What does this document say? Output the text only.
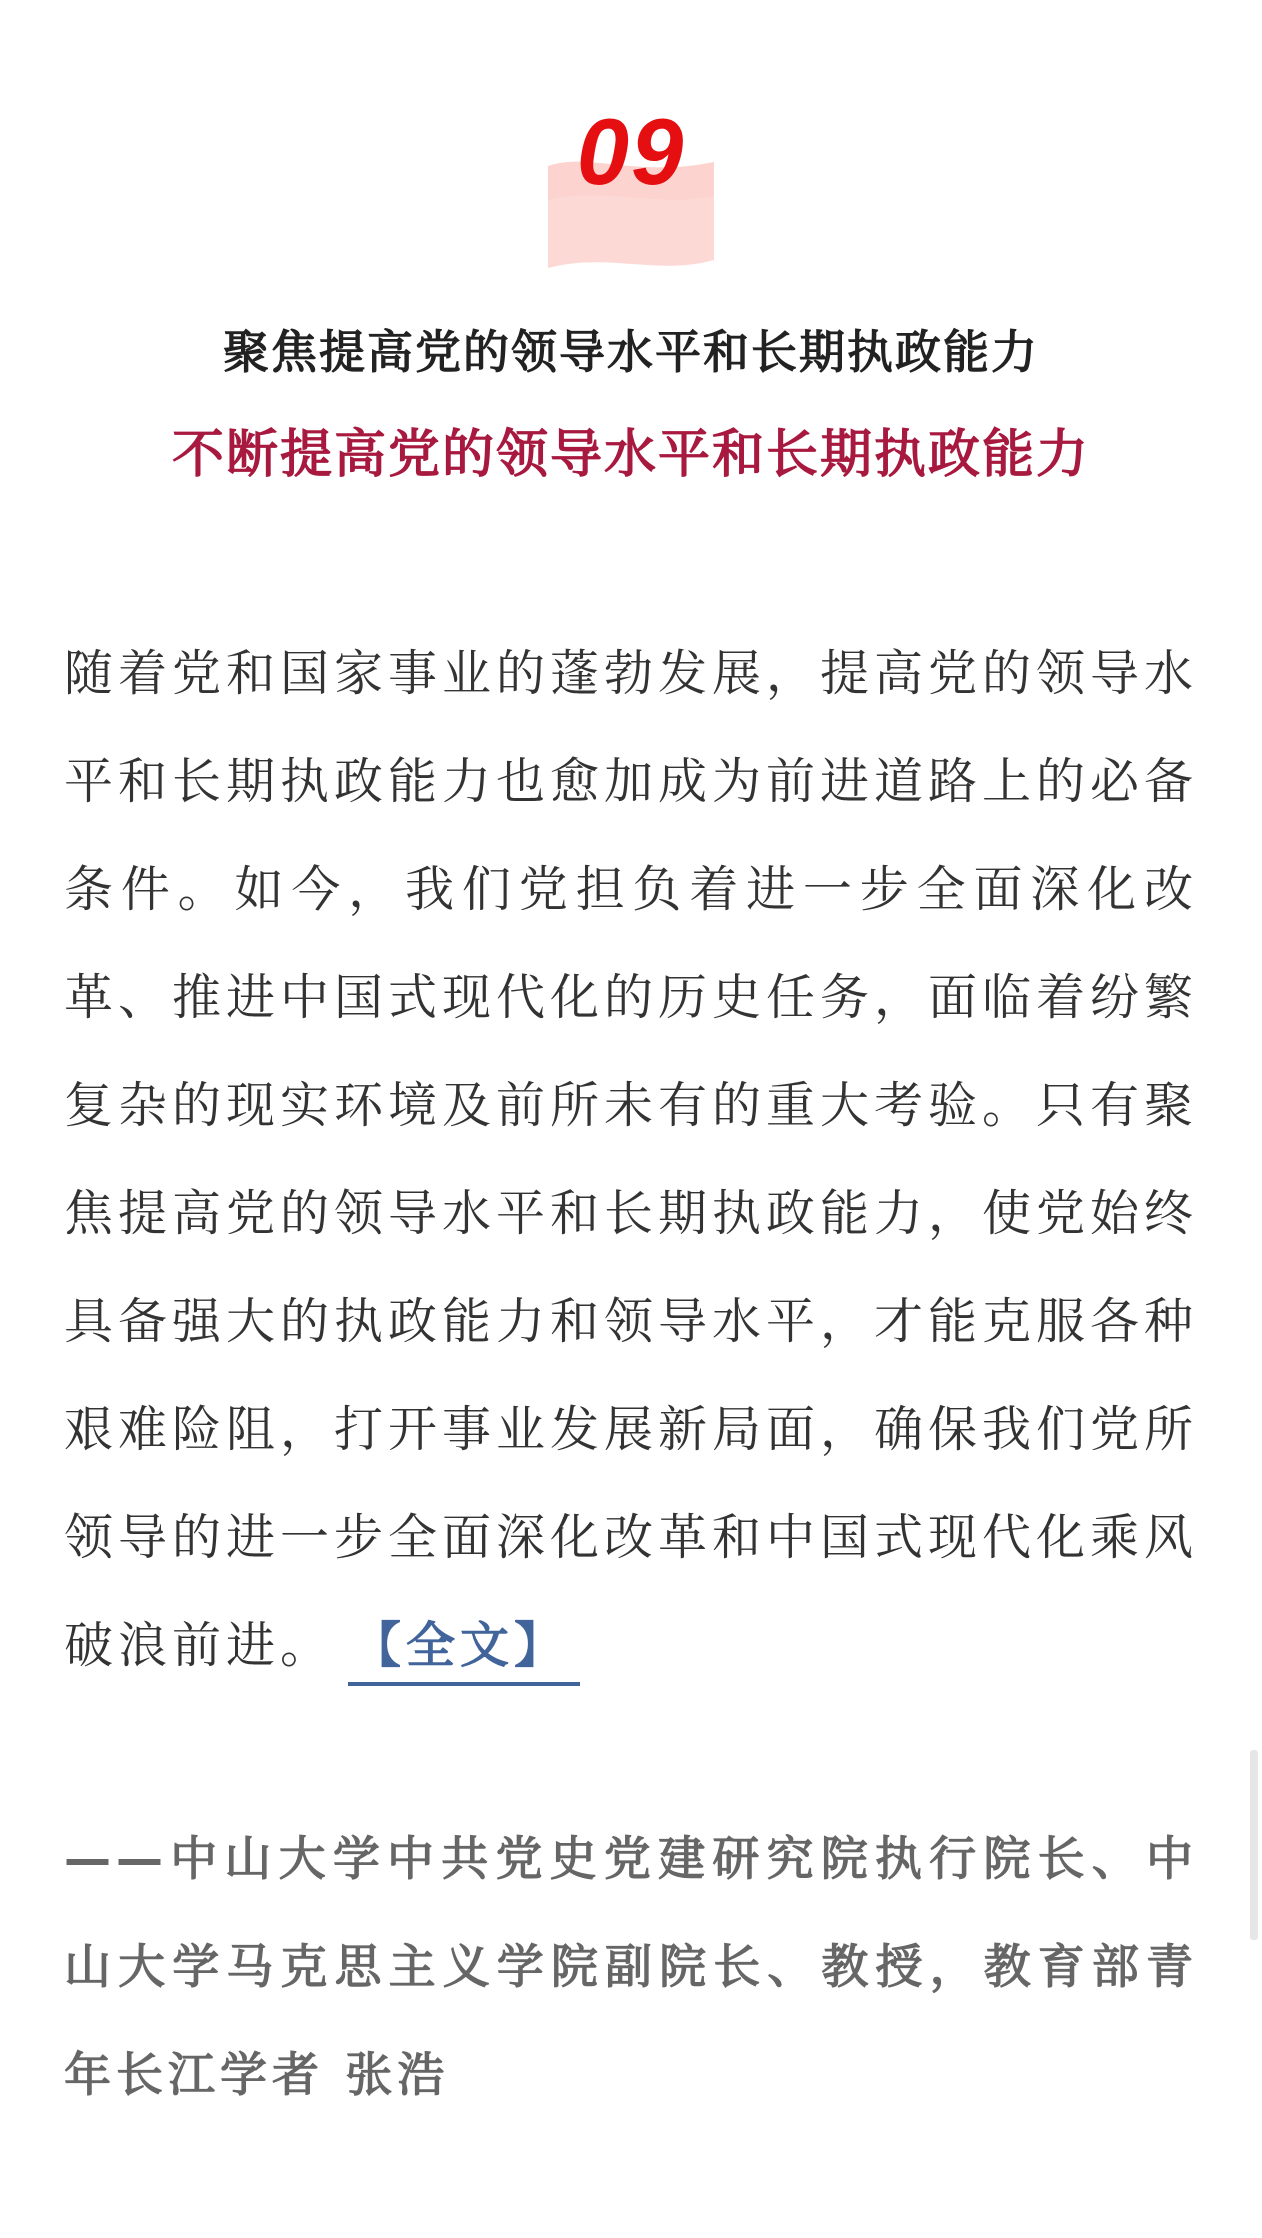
09
聚焦提高党的领导水平和长期执政能力
不断提高党的领导水平和长期执政能力

随着党和国家事业的蓬勃发展，提高党的领导水平和长期执政能力也愈加成为前进道路上的必备条件。如今，我们党担负着进一步全面深化改革、推进中国式现代化的历史任务，面临着纷繁复杂的现实环境及前所未有的重大考验。只有聚焦提高党的领导水平和长期执政能力，使党始终具备强大的执政能力和领导水平，才能克服各种艰难险阻，打开事业发展新局面，确保我们党所领导的进一步全面深化改革和中国式现代化乘风破浪前进。 【全文】

——中山大学中共党史党建研究院执行院长、中山大学马克思主义学院副院长、教授，教育部青年长江学者 张浩
